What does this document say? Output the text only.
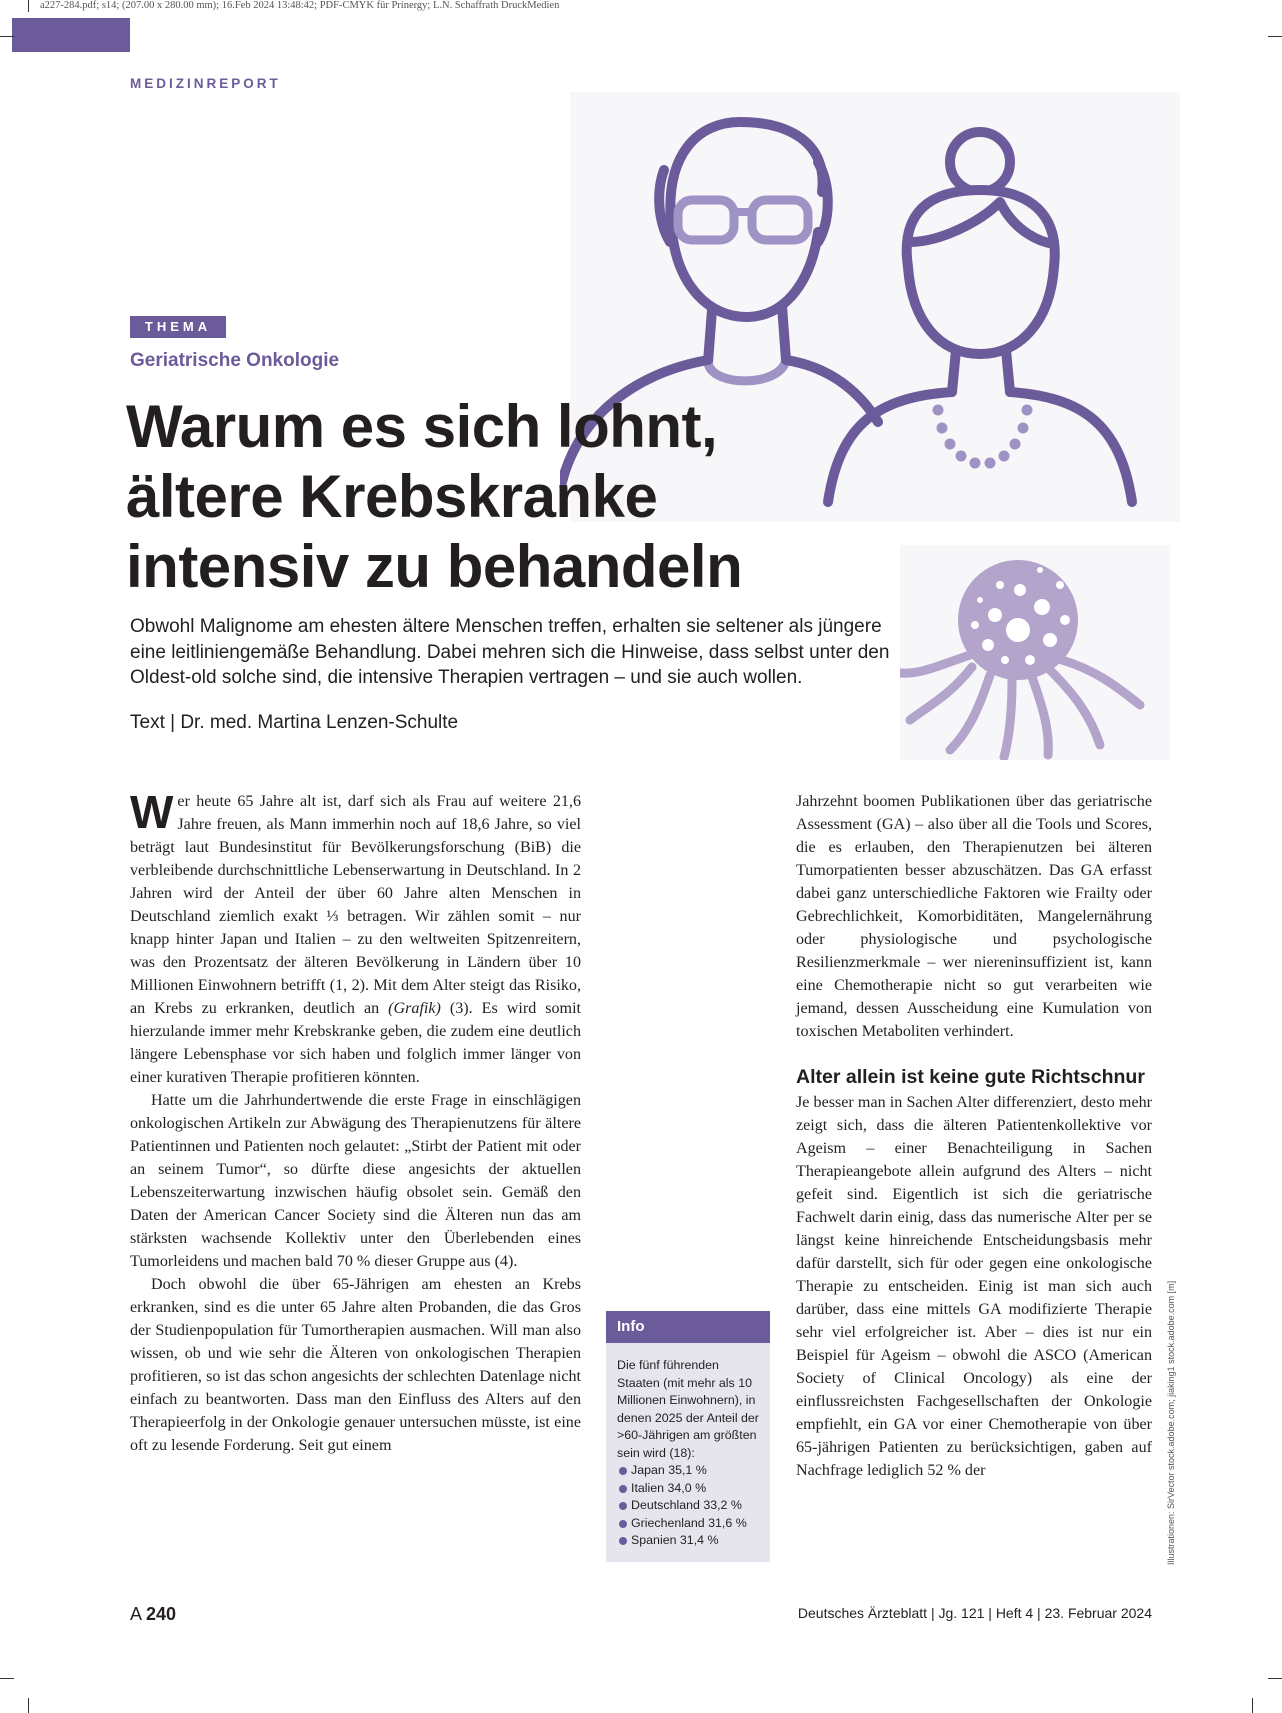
a227-284.pdf; s14; (207.00 x 280.00 mm); 16.Feb 2024 13:48:42; PDF-CMYK für Prinergy; L.N. Schaffrath DruckMedien
MEDIZINREPORT
THEMA
Geriatrische Onkologie
Warum es sich lohnt,
ältere Krebskranke
intensiv zu behandeln
Obwohl Malignome am ehesten ältere Menschen treffen, erhalten sie seltener als jüngere eine leitliniengemäße Behandlung. Dabei mehren sich die Hinweise, dass selbst unter den Oldest-old solche sind, die intensive Therapien vertragen – und sie auch wollen.
Text | Dr. med. Martina Lenzen-Schulte

Wer heute 65 Jahre alt ist, darf sich als Frau auf weitere 21,6 Jahre freuen, als Mann immerhin noch auf 18,6 Jahre, so viel beträgt laut Bundesinstitut für Bevölkerungsforschung (BiB) die verbleibende durchschnittliche Lebenserwartung in Deutschland. In 2 Jahren wird der Anteil der über 60 Jahre alten Menschen in Deutschland ziemlich exakt ⅓ betragen. Wir zählen somit – nur knapp hinter Japan und Italien – zu den weltweiten Spitzenreitern, was den Prozentsatz der älteren Bevölkerung in Ländern über 10 Millionen Einwohnern betrifft (1, 2). Mit dem Alter steigt das Risiko, an Krebs zu erkranken, deutlich an (Grafik) (3). Es wird somit hierzulande immer mehr Krebskranke geben, die zudem eine deutlich längere Lebensphase vor sich haben und folglich immer länger von einer kurativen Therapie profitieren könnten.

Hatte um die Jahrhundertwende die erste Frage in einschlägigen onkologischen Artikeln zur Abwägung des Therapienutzens für ältere Patientinnen und Patienten noch gelautet: „Stirbt der Patient mit oder an seinem Tumor“, so dürfte diese angesichts der aktuellen Lebenszeiterwartung inzwischen häufig obsolet sein. Gemäß den Daten der American Cancer Society sind die Älteren nun das am stärksten wachsende Kollektiv unter den Überlebenden eines Tumorleidens und machen bald 70 % dieser Gruppe aus (4).

Doch obwohl die über 65-Jährigen am ehesten an Krebs erkranken, sind es die unter 65 Jahre alten Probanden, die das Gros der Studienpopulation für Tumortherapien ausmachen. Will man also wissen, ob und wie sehr die Älteren von onkologischen Therapien profitieren, so ist das schon angesichts der schlechten Datenlage nicht einfach zu beantworten. Dass man den Einfluss des Alters auf den Therapieerfolg in der Onkologie genauer untersuchen müsste, ist eine oft zu lesende Forderung. Seit gut einem

Info
Die fünf führenden Staaten (mit mehr als 10 Millionen Einwohnern), in denen 2025 der Anteil der >60-Jährigen am größten sein wird (18):
Japan 35,1 %
Italien 34,0 %
Deutschland 33,2 %
Griechenland 31,6 %
Spanien 31,4 %

Jahrzehnt boomen Publikationen über das geriatrische Assessment (GA) – also über all die Tools und Scores, die es erlauben, den Therapienutzen bei älteren Tumorpatienten besser abzuschätzen. Das GA erfasst dabei ganz unterschiedliche Faktoren wie Frailty oder Gebrechlichkeit, Komorbiditäten, Mangelernährung oder physiologische und psychologische Resilienzmerkmale – wer niereninsuffizient ist, kann eine Chemotherapie nicht so gut verarbeiten wie jemand, dessen Ausscheidung eine Kumulation von toxischen Metaboliten verhindert.

Alter allein ist keine gute Richtschnur

Je besser man in Sachen Alter differenziert, desto mehr zeigt sich, dass die älteren Patientenkollektive vor Ageism – einer Benachteiligung in Sachen Therapieangebote allein aufgrund des Alters – nicht gefeit sind. Eigentlich ist sich die geriatrische Fachwelt darin einig, dass das numerische Alter per se längst keine hinreichende Entscheidungsbasis mehr dafür darstellt, sich für oder gegen eine onkologische Therapie zu entscheiden. Einig ist man sich auch darüber, dass eine mittels GA modifizierte Therapie sehr viel erfolgreicher ist. Aber – dies ist nur ein Beispiel für Ageism – obwohl die ASCO (American Society of Clinical Oncology) als eine der einflussreichsten Fachgesellschaften der Onkologie empfiehlt, ein GA vor einer Chemotherapie von über 65-jährigen Patienten zu berücksichtigen, gaben auf Nachfrage lediglich 52 % der

A 240	Deutsches Ärzteblatt | Jg. 121 | Heft 4 | 23. Februar 2024
Illustrationen: SirVector stock.adobe.com; jiaking1 stock.adobe.com [m]
